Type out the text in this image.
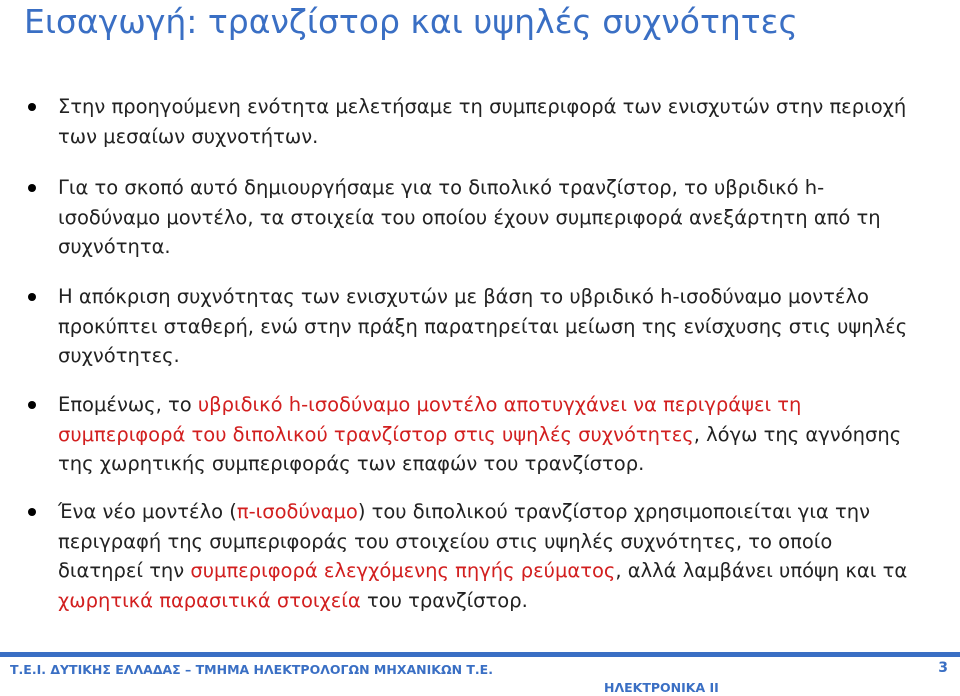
Εισαγωγή: τρανζίστορ και υψηλές συχνότητες
Στην προηγούμενη ενότητα μελετήσαμε τη συμπεριφορά των ενισχυτών στην περιοχή των μεσαίων συχνοτήτων.
Για το σκοπό αυτό δημιουργήσαμε για το διπολικό τρανζίστορ, το υβριδικό h-ισοδύναμο μοντέλο, τα στοιχεία του οποίου έχουν συμπεριφορά ανεξάρτητη από τη συχνότητα.
Η απόκριση συχνότητας των ενισχυτών με βάση το υβριδικό h-ισοδύναμο μοντέλο προκύπτει σταθερή, ενώ στην πράξη παρατηρείται μείωση της ενίσχυσης στις υψηλές συχνότητες.
Επομένως, το υβριδικό h-ισοδύναμο μοντέλο αποτυγχάνει να περιγράψει τη συμπεριφορά του διπολικού τρανζίστορ στις υψηλές συχνότητες, λόγω της αγνόησης της χωρητικής συμπεριφοράς των επαφών του τρανζίστορ.
Ένα νέο μοντέλο (π-ισοδύναμο) του διπολικού τρανζίστορ χρησιμοποιείται για την περιγραφή της συμπεριφοράς του στοιχείου στις υψηλές συχνότητες, το οποίο διατηρεί την συμπεριφορά ελεγχόμενης πηγής ρεύματος, αλλά λαμβάνει υπόψη και τα χωρητικά παρασιτικά στοιχεία του τρανζίστορ.
Τ.Ε.Ι. ΔΥΤΙΚΗΣ ΕΛΛΑΔΑΣ – ΤΜΗΜΑ ΗΛΕΚΤΡΟΛΟΓΩΝ ΜΗΧΑΝΙΚΩΝ Τ.Ε.	3
ΗΛΕΚΤΡΟΝΙΚΑ ΙΙ
